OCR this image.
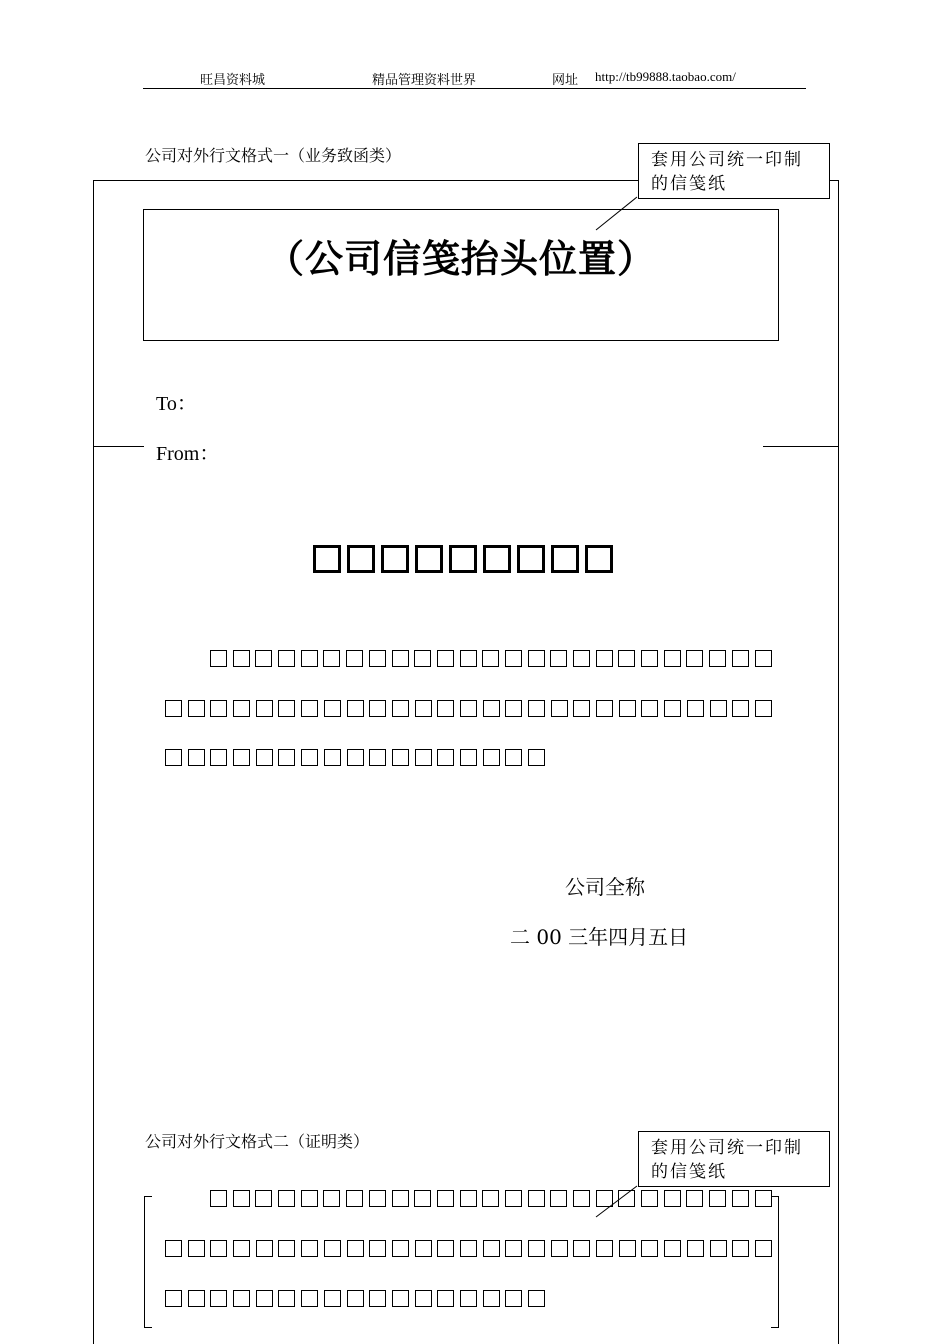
旺昌资料城	精品管理资料世界	网址 http://tb99888.taobao.com/
公司对外行文格式一（业务致函类）
（公司信笺抬头位置）
套用公司统一印制
的信笺纸
To：
From：
公司全称
二 00 三年四月五日
公司对外行文格式二（证明类）	套用公司统一印制
的信笺纸
